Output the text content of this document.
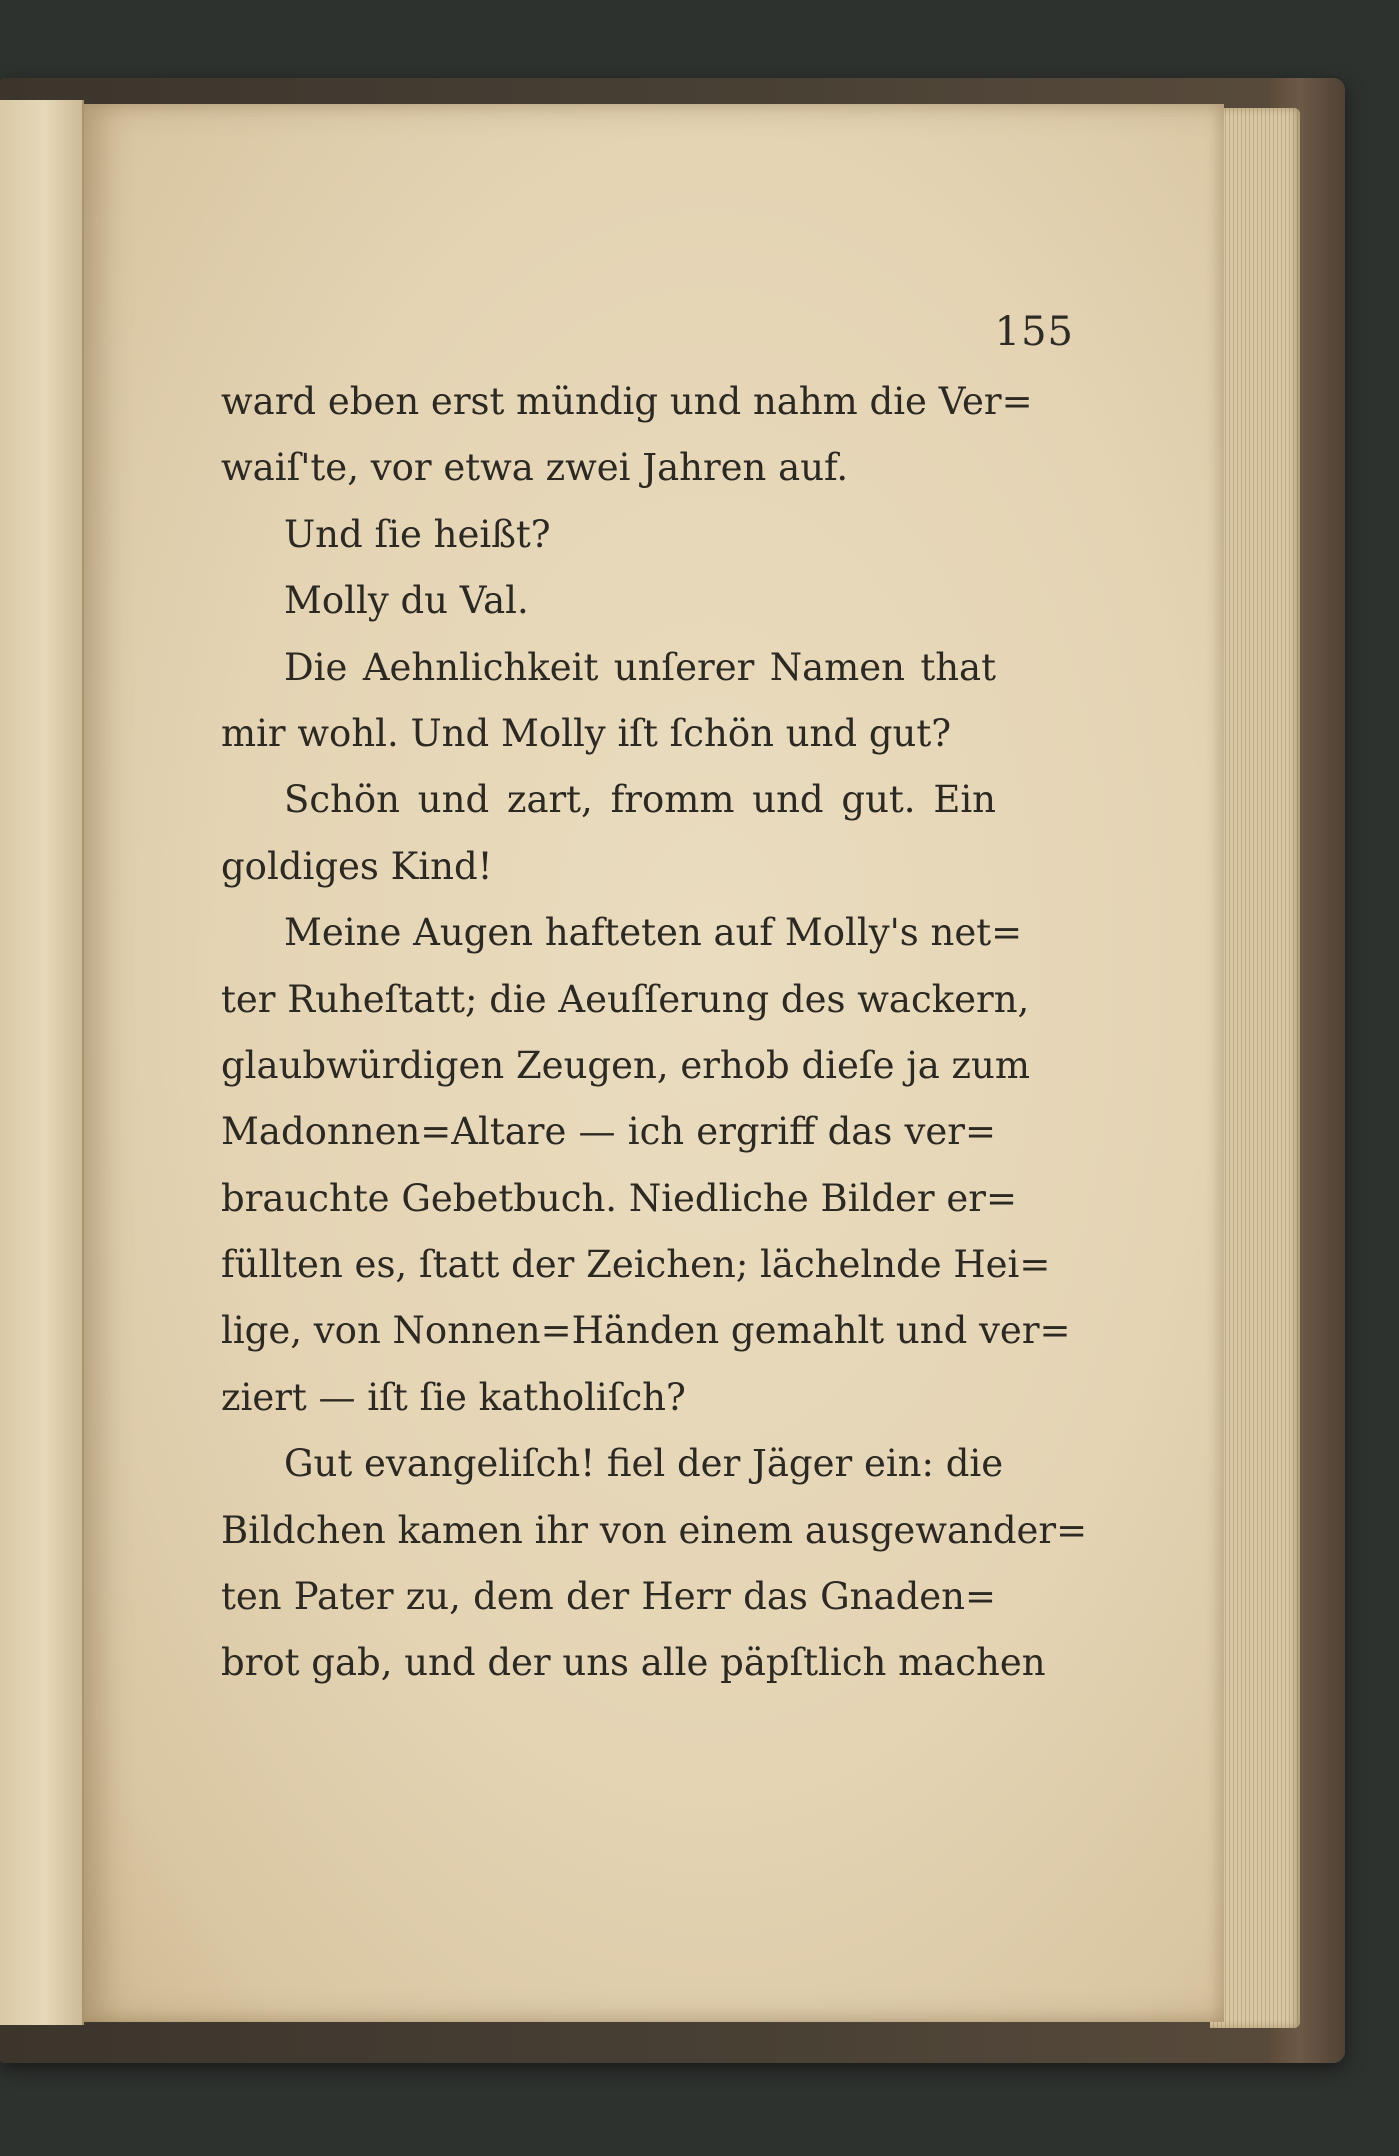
155
ward eben erst mündig und nahm die Ver=
waiſ'te, vor etwa zwei Jahren auf.
Und ſie heißt?
Molly du Val.
Die Aehnlichkeit unſerer Namen that
mir wohl. Und Molly iſt ſchön und gut?
Schön und zart, fromm und gut. Ein
goldiges Kind!
Meine Augen hafteten auf Molly's net=
ter Ruheſtatt; die Aeuſſerung des wackern,
glaubwürdigen Zeugen, erhob dieſe ja zum
Madonnen=Altare — ich ergriff das ver=
brauchte Gebetbuch. Niedliche Bilder er=
füllten es, ſtatt der Zeichen; lächelnde Hei=
lige, von Nonnen=Händen gemahlt und ver=
ziert — iſt ſie katholiſch?
Gut evangeliſch! fiel der Jäger ein: die
Bildchen kamen ihr von einem ausgewander=
ten Pater zu, dem der Herr das Gnaden=
brot gab, und der uns alle päpſtlich machen
